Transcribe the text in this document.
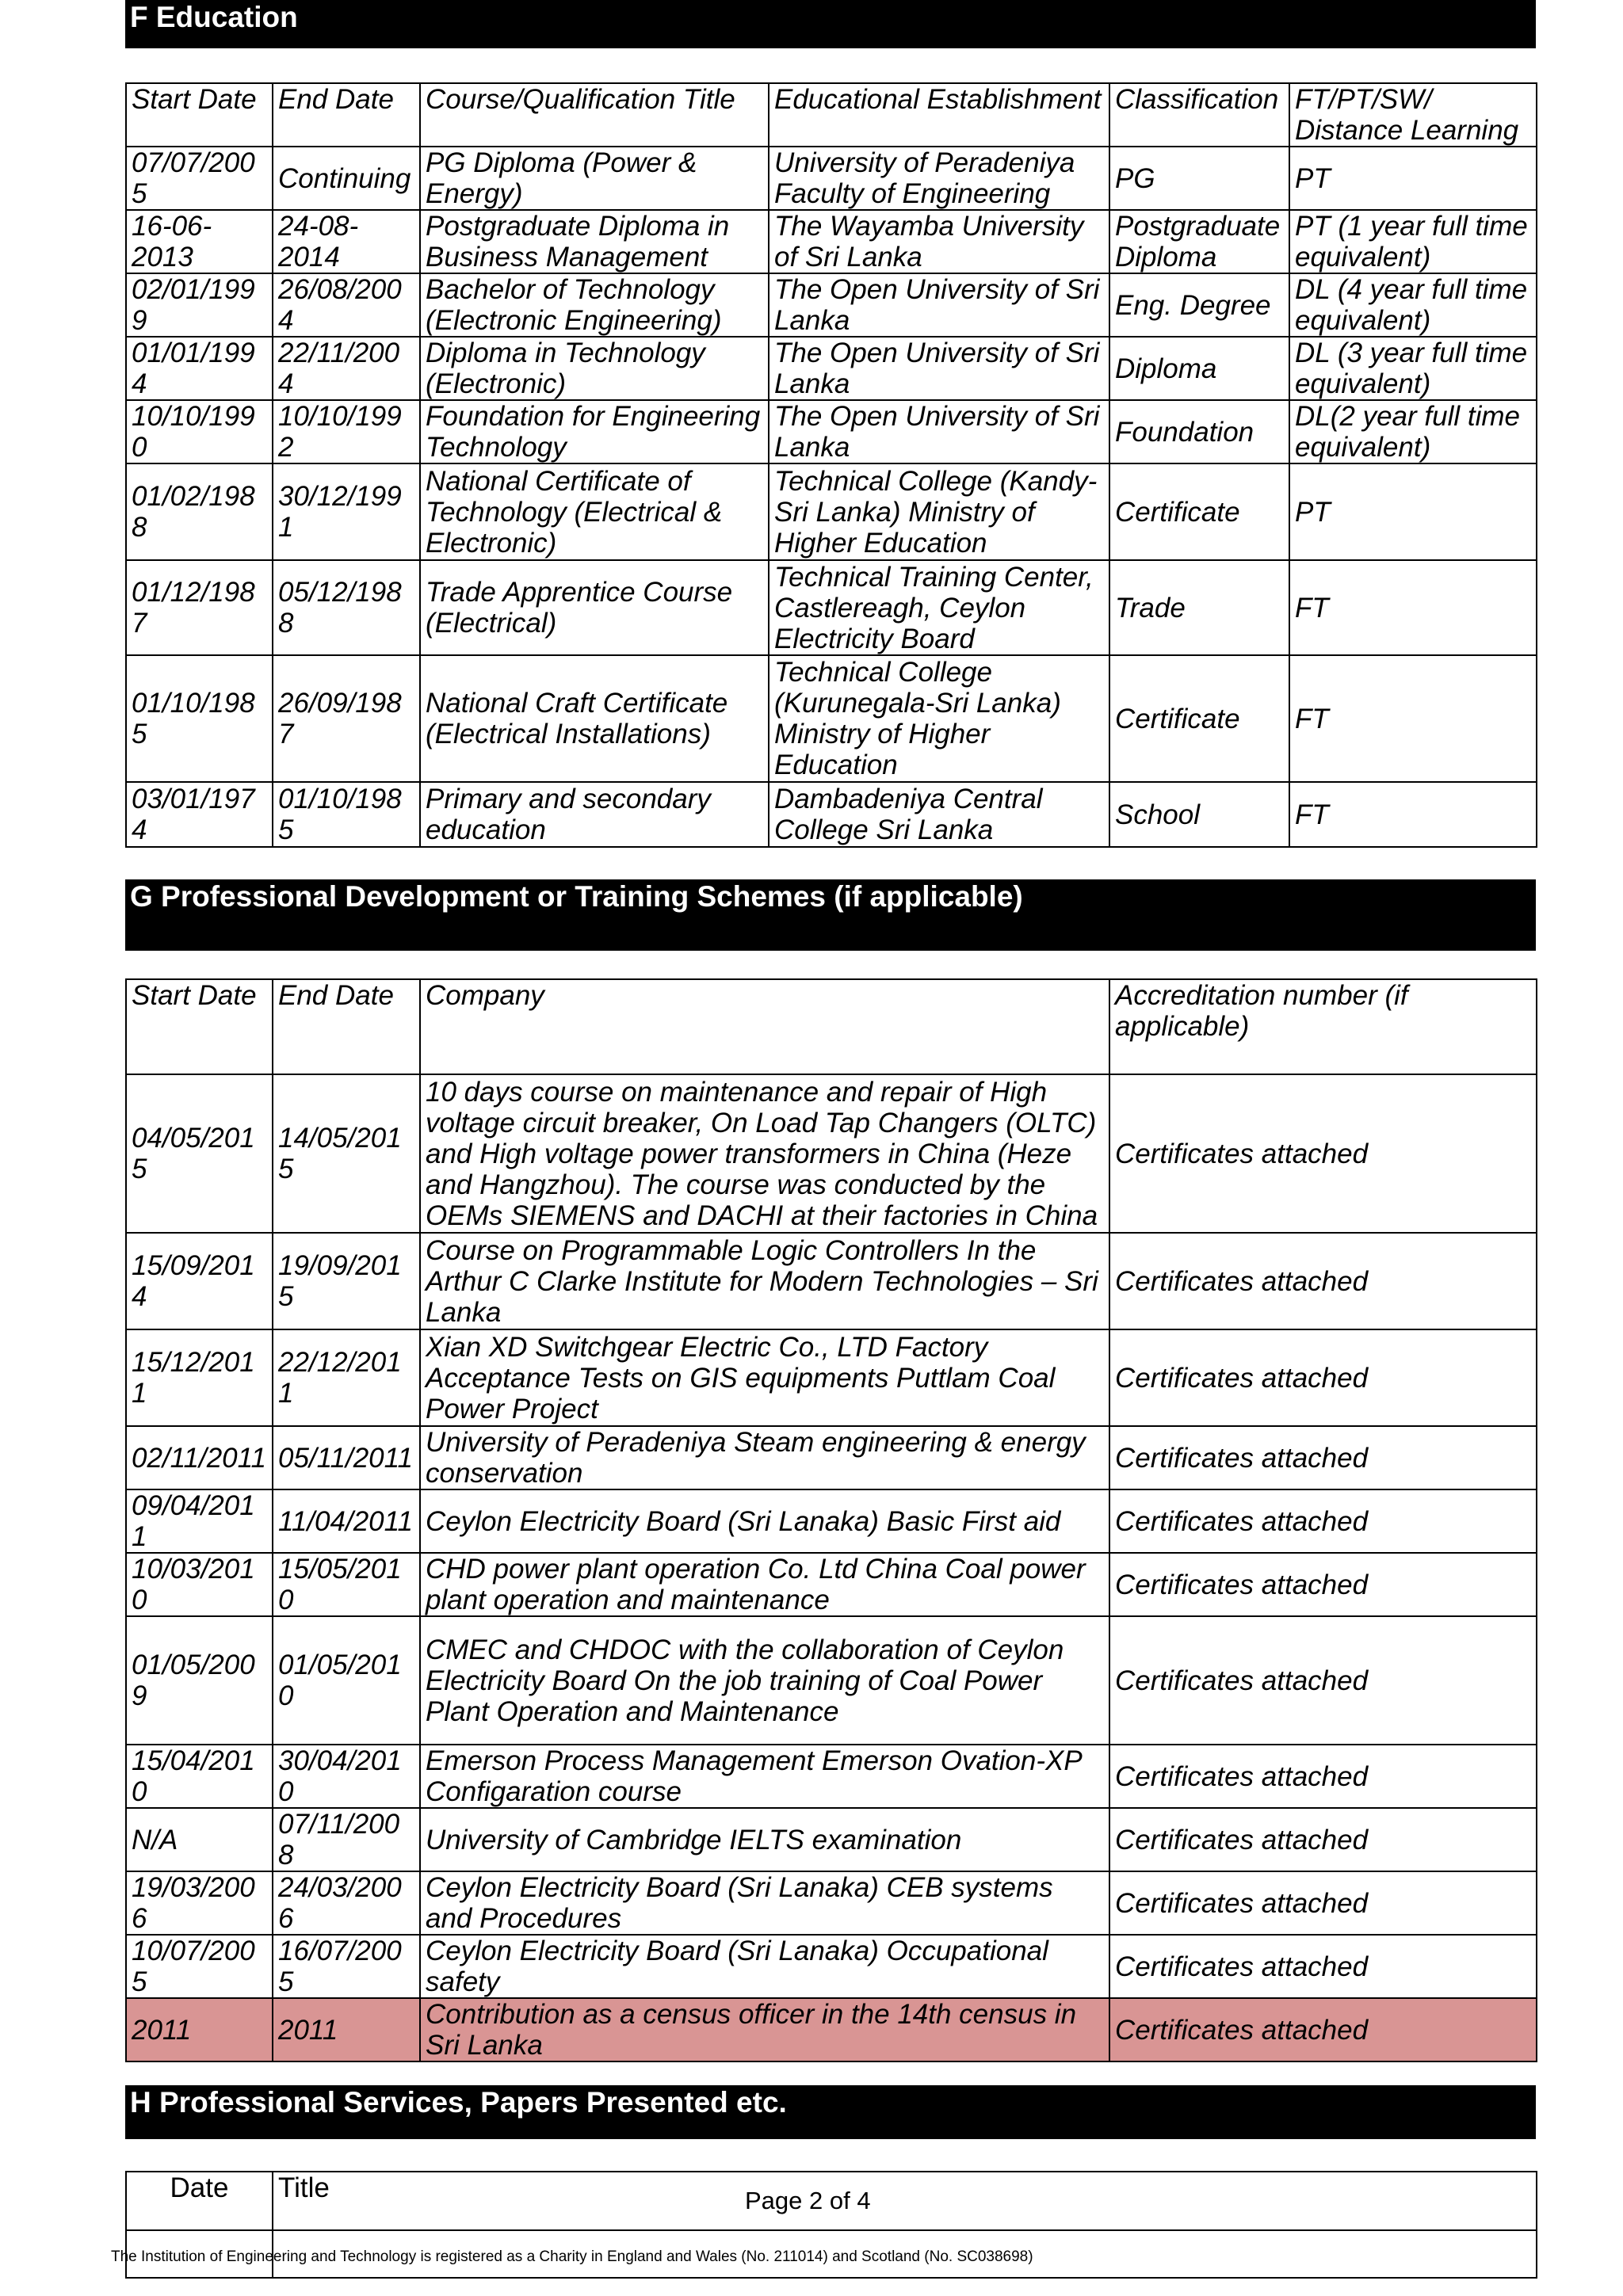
F Education
Start Date	End Date	Course/Qualification Title	Educational Establishment	Classification	FT/PT/SW/ Distance Learning
07/07/2005	Continuing	PG Diploma (Power & Energy)	University of Peradeniya Faculty of Engineering	PG	PT
16-06-2013	24-08-2014	Postgraduate Diploma in Business Management	The Wayamba University of Sri Lanka	Postgraduate Diploma	PT (1 year full time equivalent)
02/01/1999	26/08/2004	Bachelor of Technology (Electronic Engineering)	The Open University of Sri Lanka	Eng. Degree	DL (4 year full time equivalent)
01/01/1994	22/11/2004	Diploma in Technology (Electronic)	The Open University of Sri Lanka	Diploma	DL (3 year full time equivalent)
10/10/1990	10/10/1992	Foundation for Engineering Technology	The Open University of Sri Lanka	Foundation	DL(2 year full time equivalent)
01/02/1988	30/12/1991	National Certificate of Technology (Electrical & Electronic)	Technical College (Kandy-Sri Lanka) Ministry of Higher Education	Certificate	PT
01/12/1987	05/12/1988	Trade Apprentice Course (Electrical)	Technical Training Center, Castlereagh, Ceylon Electricity Board	Trade	FT
01/10/1985	26/09/1987	National Craft Certificate (Electrical Installations)	Technical College (Kurunegala-Sri Lanka) Ministry of Higher Education	Certificate	FT
03/01/1974	01/10/1985	Primary and secondary education	Dambadeniya Central College Sri Lanka	School	FT
G Professional Development or Training Schemes (if applicable)
Start Date	End Date	Company	Accreditation number (if applicable)
04/05/2015	14/05/2015	10 days course on maintenance and repair of High voltage circuit breaker, On Load Tap Changers (OLTC) and High voltage power transformers in China (Heze and Hangzhou). The course was conducted by the OEMs SIEMENS and DACHI at their factories in China	Certificates attached
15/09/2014	19/09/2015	Course on Programmable Logic Controllers In the Arthur C Clarke Institute for Modern Technologies – Sri Lanka	Certificates attached
15/12/2011	22/12/2011	Xian XD Switchgear Electric Co., LTD Factory Acceptance Tests on GIS equipments Puttlam Coal Power Project	Certificates attached
02/11/2011	05/11/2011	University of Peradeniya Steam engineering & energy conservation	Certificates attached
09/04/2011	11/04/2011	Ceylon Electricity Board (Sri Lanaka) Basic First aid	Certificates attached
10/03/2010	15/05/2010	CHD power plant operation Co. Ltd China Coal power plant operation and maintenance	Certificates attached
01/05/2009	01/05/2010	CMEC and CHDOC with the collaboration of Ceylon Electricity Board On the job training of Coal Power Plant Operation and Maintenance	Certificates attached
15/04/2010	30/04/2010	Emerson Process Management Emerson Ovation-XP Configaration course	Certificates attached
N/A	07/11/2008	University of Cambridge IELTS examination	Certificates attached
19/03/2006	24/03/2006	Ceylon Electricity Board (Sri Lanaka) CEB systems and Procedures	Certificates attached
10/07/2005	16/07/2005	Ceylon Electricity Board (Sri Lanaka) Occupational safety	Certificates attached
2011	2011	Contribution as a census officer in the 14th census in Sri Lanka	Certificates attached
H Professional Services, Papers Presented etc.
Date	Title
		Page 2 of 4
The Institution of Engineering and Technology is registered as a Charity in England and Wales (No. 211014) and Scotland (No. SC038698)
